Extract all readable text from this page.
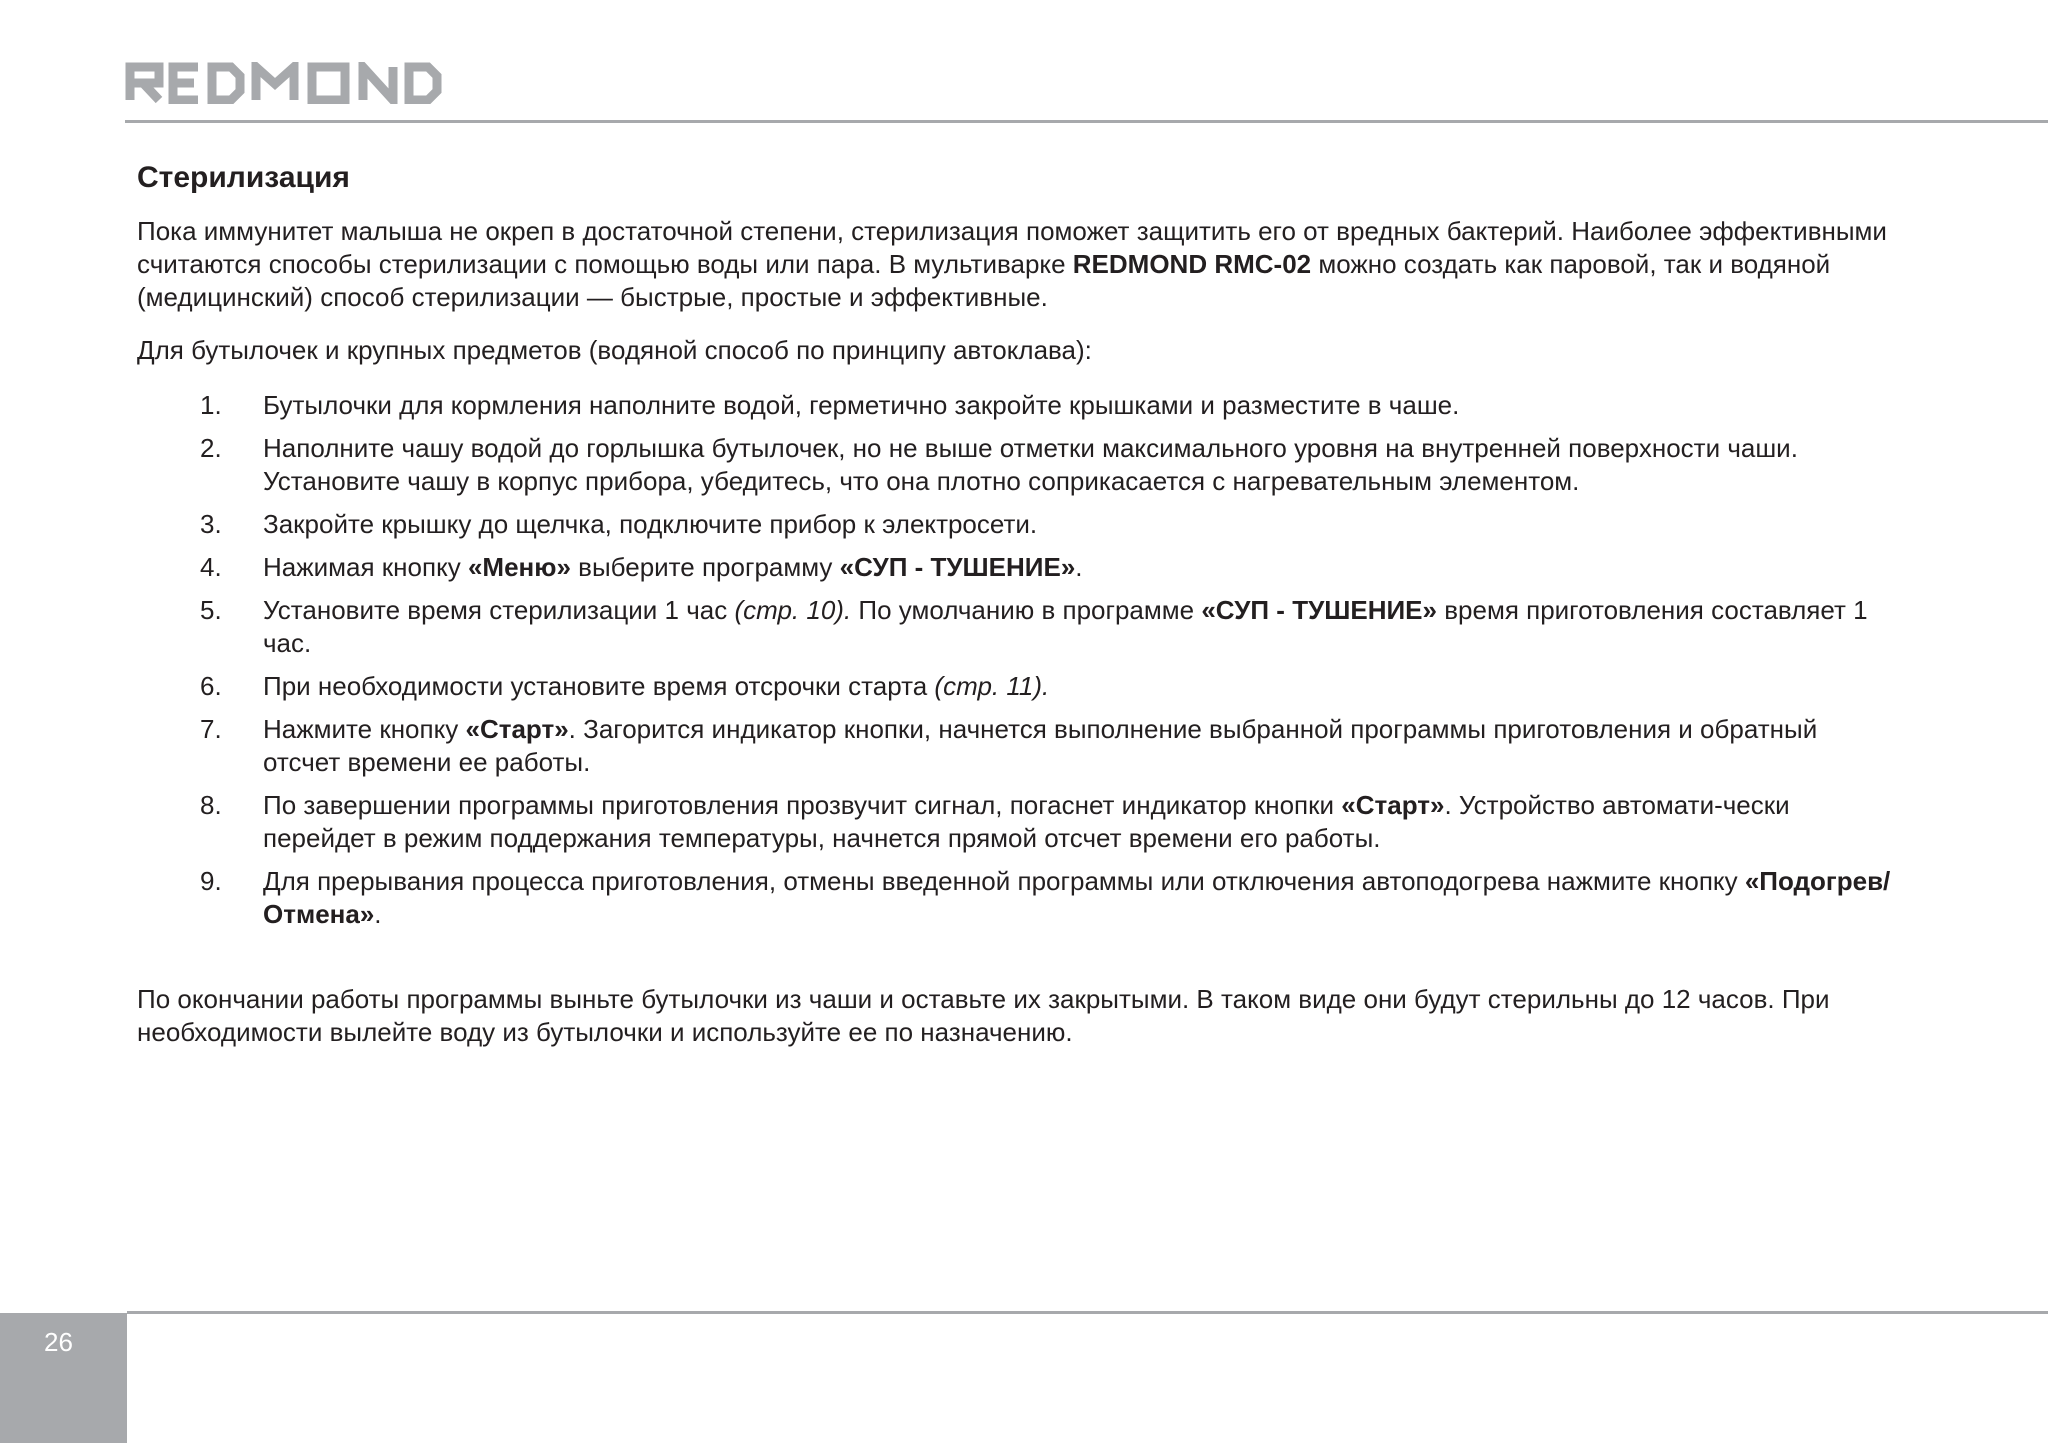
Стерилизация

Пока иммунитет малыша не окреп в достаточной степени, стерилизация поможет защитить его от вредных бактерий. Наиболее эффективными считаются способы стерилизации с помощью воды или пара. В мультиварке REDMOND RMC-02 можно создать как паровой, так и водяной (медицинский) способ стерилизации — быстрые, простые и эффективные.

Для бутылочек и крупных предметов (водяной способ по принципу автоклава):

1.	Бутылочки для кормления наполните водой, герметично закройте крышками и разместите в чаше.
2.	Наполните чашу водой до горлышка бутылочек, но не выше отметки максимального уровня на внутренней поверхности чаши. Установите чашу в корпус прибора, убедитесь, что она плотно соприкасается с нагревательным элементом.
3.	Закройте крышку до щелчка, подключите прибор к электросети.
4.	Нажимая кнопку «Меню» выберите программу «СУП - ТУШЕНИЕ».
5.	Установите время стерилизации 1 час (стр. 10). По умолчанию в программе «СУП - ТУШЕНИЕ» время приготовления составляет 1 час.
6.	При необходимости установите время отсрочки старта (стр. 11).
7.	Нажмите кнопку «Старт». Загорится индикатор кнопки, начнется выполнение выбранной программы приготовления и обратный отсчет времени ее работы.
8.	По завершении программы приготовления прозвучит сигнал, погаснет индикатор кнопки «Старт». Устройство автомати-чески перейдет в режим поддержания температуры, начнется прямой отсчет времени его работы.
9.	Для прерывания процесса приготовления, отмены введенной программы или отключения автоподогрева нажмите кнопку «Подогрев/Отмена».

По окончании работы программы выньте бутылочки из чаши и оставьте их закрытыми. В таком виде они будут стерильны до 12 часов. При необходимости вылейте воду из бутылочки и используйте ее по назначению.

26
